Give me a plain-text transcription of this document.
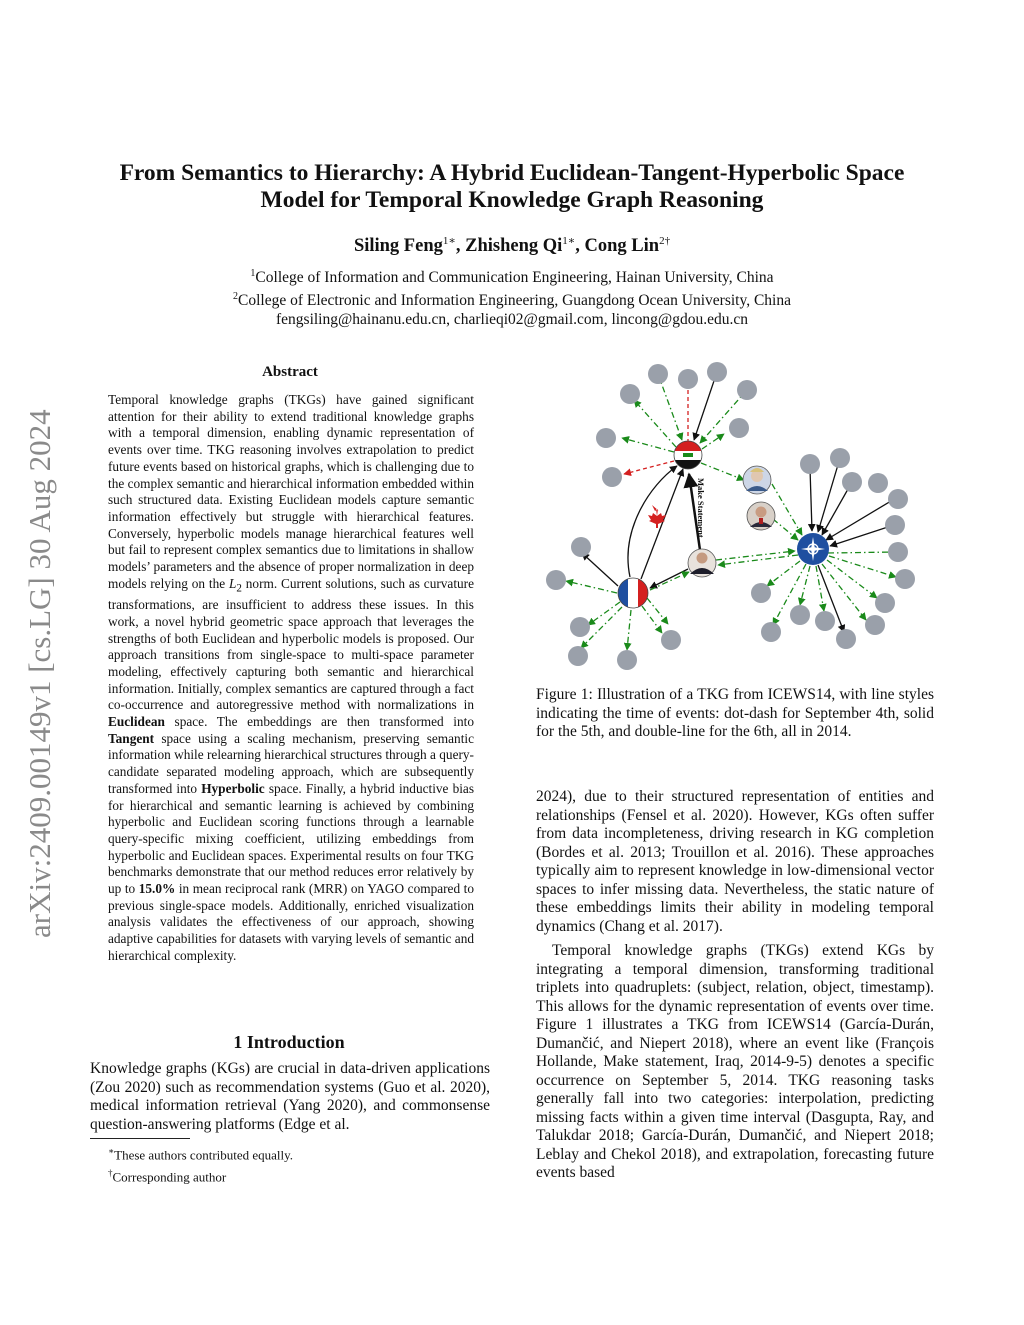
arXiv:2409.00149v1 [cs.LG] 30 Aug 2024
From Semantics to Hierarchy: A Hybrid Euclidean-Tangent-Hyperbolic Space
Model for Temporal Knowledge Graph Reasoning
Siling Feng$^{1∗}$, Zhisheng $Qi^{1∗}$, Cong Lin$^{2\dagger}$
$^1$College of Information and Communication Engineering, Hainan University, China
$^2$College of Electronic and Information Engineering, Guangdong Ocean University, China
fengsiling@hainanu.edu.cn, charlieqi02@gmail.com, lincong@gdou.edu.cn
Abstract
Temporal knowledge graphs (TKGs) have gained significant attention for their ability to extend traditional knowledge graphs with a temporal dimension, enabling dynamic representation of events over time. TKG reasoning involves extrapolation to predict future events based on historical graphs, which is challenging due to the complex semantic and hierarchical information embedded within such structured data. Existing Euclidean models capture semantic information effectively but struggle with hierarchical features. Conversely, hyperbolic models manage hierarchical features well but fail to represent complex semantics due to limitations in shallow models’ parameters and the absence of proper normalization in deep models relying on the $L_2$ norm. Current solutions, such as curvature transformations, are insufficient to address these issues. In this work, a novel hybrid geometric space approach that leverages the strengths of both Euclidean and hyperbolic models is proposed. Our approach transitions from single-space to multi-space parameter modeling, effectively capturing both semantic and hierarchical information. Initially, complex semantics are captured through a fact co-occurrence and autoregressive method with normalizations in Euclidean space. The embeddings are then transformed into Tangent space using a scaling mechanism, preserving semantic information while relearning hierarchical structures through a query-candidate separated modeling approach, which are subsequently transformed into Hyperbolic space. Finally, a hybrid inductive bias for hierarchical and semantic learning is achieved by combining hyperbolic and Euclidean scoring functions through a learnable query-specific mixing coefficient, utilizing embeddings from hyperbolic and Euclidean spaces. Experimental results on four TKG benchmarks demonstrate that our method reduces error relatively by up to 15.0% in mean reciprocal rank (MRR) on YAGO compared to previous single-space models. Additionally, enriched visualization analysis validates the effectiveness of our approach, showing adaptive capabilities for datasets with varying levels of semantic and hierarchical complexity.
1 Introduction
Knowledge graphs (KGs) are crucial in data-driven applications (Zou 2020) such as recommendation systems (Guo et al. 2020), medical information retrieval (Yang 2020), and commonsense question-answering platforms (Edge et al.
∗These authors contributed equally.
†Corresponding author
Make Statement
Figure 1: Illustration of a TKG from ICEWS14, with line styles indicating the time of events: dot-dash for September 4th, solid for the 5th, and double-line for the 6th, all in 2014.

2024), due to their structured representation of entities and relationships (Fensel et al. 2020). However, KGs often suffer from data incompleteness, driving research in KG completion (Bordes et al. 2013; Trouillon et al. 2016). These approaches typically aim to represent knowledge in low-dimensional vector spaces to infer missing data. Nevertheless, the static nature of these embeddings limits their ability in modeling temporal dynamics (Chang et al. 2017).

Temporal knowledge graphs (TKGs) extend KGs by integrating a temporal dimension, transforming traditional triplets into quadruplets: (subject, relation, object, timestamp). This allows for the dynamic representation of events over time. Figure 1 illustrates a TKG from ICEWS14 (García-Durán, Dumančić, and Niepert 2018), where an event like (François Hollande, Make statement, Iraq, 2014-9-5) denotes a specific occurrence on September 5, 2014. TKG reasoning tasks generally fall into two categories: interpolation, predicting missing facts within a given time interval (Dasgupta, Ray, and Talukdar 2018; García-Durán, Dumančić, and Niepert 2018; Leblay and Chekol 2018), and extrapolation, forecasting future events based
